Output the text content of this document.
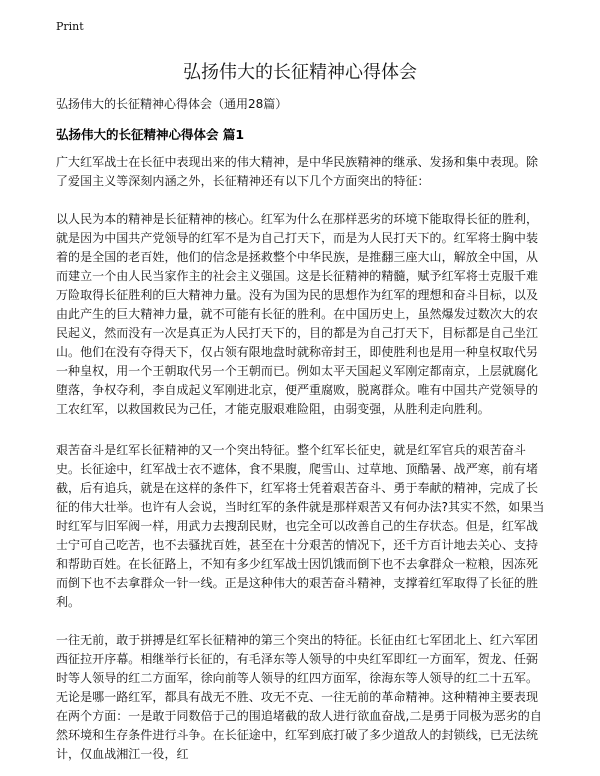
Print
弘扬伟大的长征精神心得体会
弘扬伟大的长征精神心得体会（通用28篇）
弘扬伟大的长征精神心得体会 篇1

广大红军战士在长征中表现出来的伟大精神，是中华民族精神的继承、发扬和集中表现。除了爱国主义等深刻内涵之外，长征精神还有以下几个方面突出的特征：

以人民为本的精神是长征精神的核心。红军为什么在那样恶劣的环境下能取得长征的胜利，就是因为中国共产党领导的红军不是为自己打天下，而是为人民打天下的。红军将士胸中装着的是全国的老百姓，他们的信念是拯救整个中华民族，是推翻三座大山，解放全中国，从而建立一个由人民当家作主的社会主义强国。这是长征精神的精髓，赋予红军将士克服千难万险取得长征胜利的巨大精神力量。没有为国为民的思想作为红军的理想和奋斗目标，以及由此产生的巨大精神力量，就不可能有长征的胜利。在中国历史上，虽然爆发过数次大的农民起义，然而没有一次是真正为人民打天下的，目的都是为自己打天下，目标都是自己坐江山。他们在没有夺得天下，仅占领有限地盘时就称帝封王，即使胜利也是用一种皇权取代另一种皇权，用一个王朝取代另一个王朝而已。例如太平天国起义军刚定都南京，上层就腐化堕落，争权夺利，李自成起义军刚进北京，便严重腐败，脱离群众。唯有中国共产党领导的工农红军，以救国救民为己任，才能克服艰难险阻，由弱变强，从胜利走向胜利。

艰苦奋斗是红军长征精神的又一个突出特征。整个红军长征史，就是红军官兵的艰苦奋斗史。长征途中，红军战士衣不遮体，食不果腹，爬雪山、过草地、顶酷暑、战严寒，前有堵截，后有追兵，就是在这样的条件下，红军将士凭着艰苦奋斗、勇于奉献的精神，完成了长征的伟大壮举。也许有人会说，当时红军的条件就是那样艰苦又有何办法?其实不然，如果当时红军与旧军阀一样，用武力去搜刮民财，也完全可以改善自己的生存状态。但是，红军战士宁可自己吃苦，也不去骚扰百姓，甚至在十分艰苦的情况下，还千方百计地去关心、支持和帮助百姓。在长征路上，不知有多少红军战士因饥饿而倒下也不去拿群众一粒粮，因冻死而倒下也不去拿群众一针一线。正是这种伟大的艰苦奋斗精神，支撑着红军取得了长征的胜利。

一往无前，敢于拼搏是红军长征精神的第三个突出的特征。长征由红七军团北上、红六军团西征拉开序幕。相继举行长征的，有毛泽东等人领导的中央红军即红一方面军，贺龙、任弼时等人领导的红二方面军，徐向前等人领导的红四方面军，徐海东等人领导的红二十五军。无论是哪一路红军，都具有战无不胜、攻无不克、一往无前的革命精神。这种精神主要表现在两个方面：一是敢于同数倍于己的围追堵截的敌人进行欲血奋战,二是勇于同极为恶劣的自然环境和生存条件进行斗争。在长征途中，红军到底打破了多少道敌人的封锁线，已无法统计，仅血战湘江一役，红
